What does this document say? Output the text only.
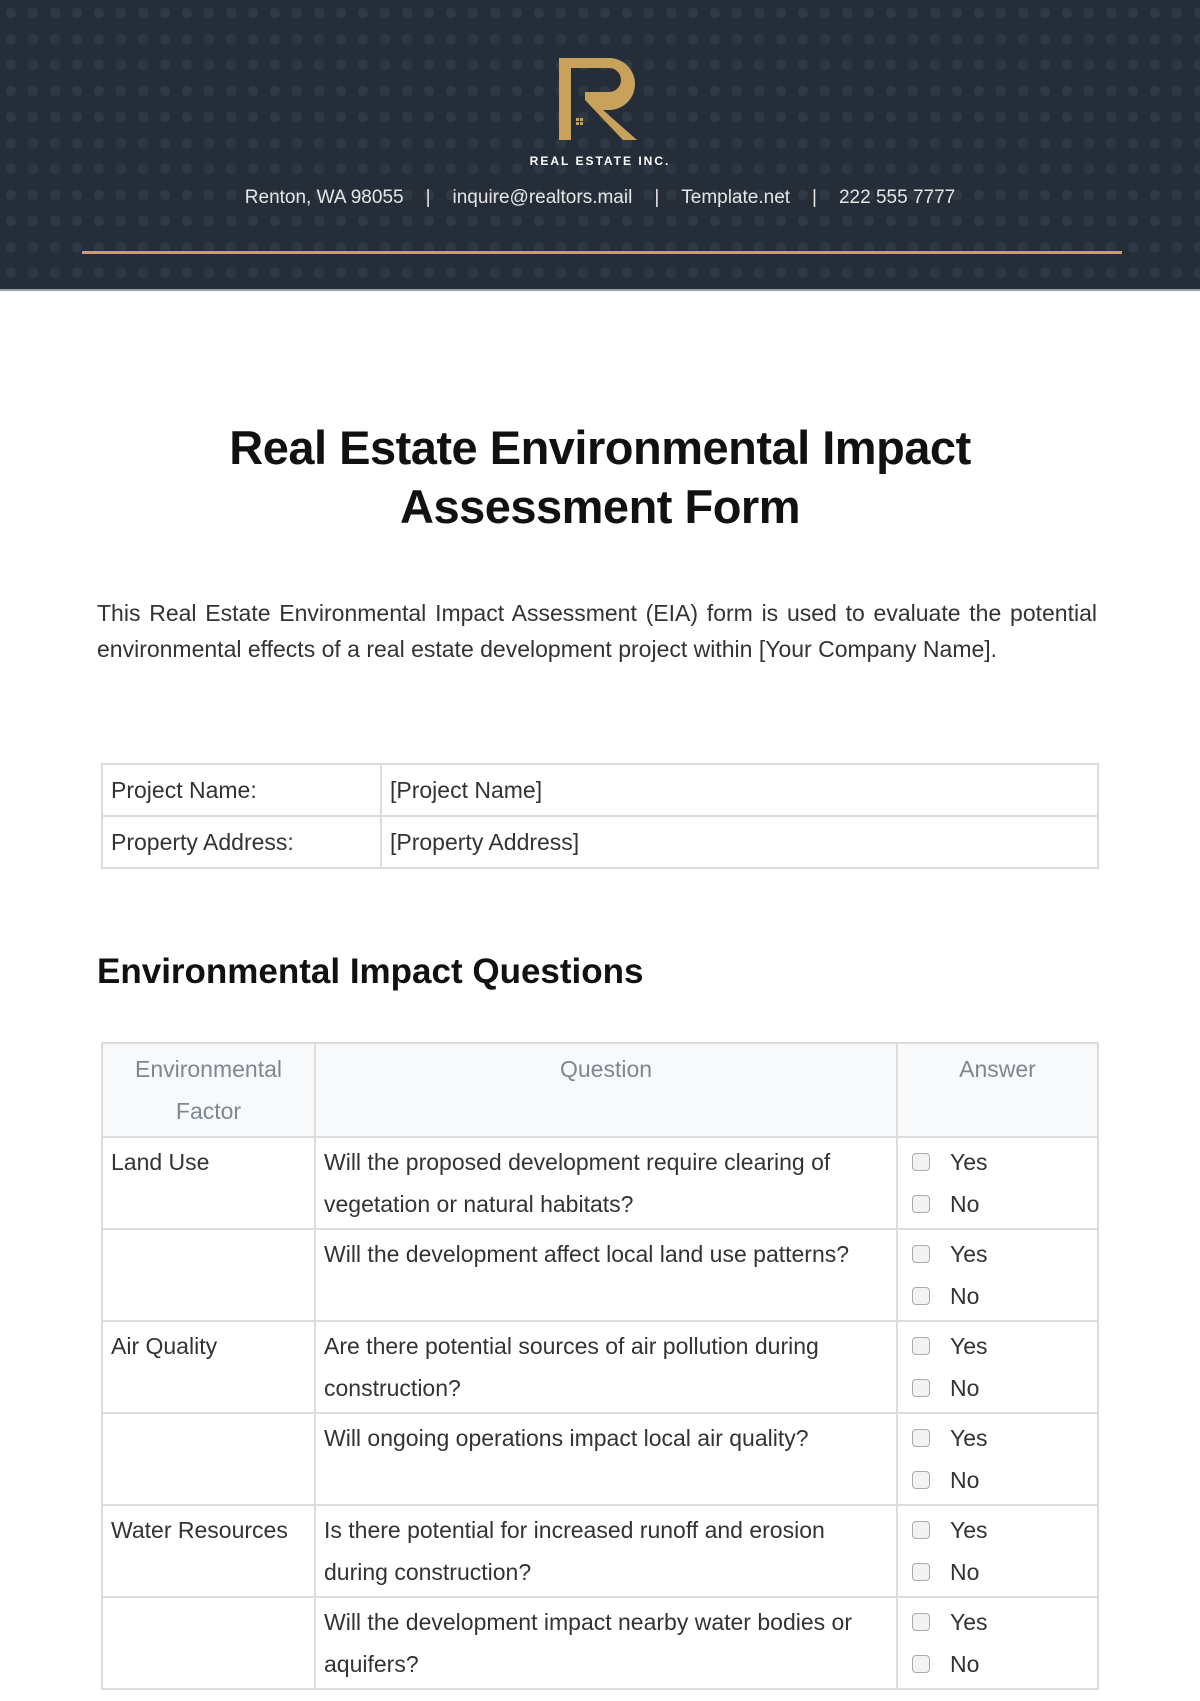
REAL ESTATE INC.
Renton, WA 98055 | inquire@realtors.mail | Template.net | 222 555 7777
Real Estate Environmental Impact Assessment Form

This Real Estate Environmental Impact Assessment (EIA) form is used to evaluate the potential environmental effects of a real estate development project within [Your Company Name].

Project Name:	[Project Name]
Property Address:	[Property Address]
Environmental Impact Questions
Environmental Factor	Question	Answer
Land Use	Will the proposed development require clearing of vegetation or natural habitats?	Yes
No

	Will the development affect local land use patterns?	Yes
No

Air Quality	Are there potential sources of air pollution during construction?	Yes
No

	Will ongoing operations impact local air quality?	Yes
No

Water Resources	Is there potential for increased runoff and erosion during construction?	Yes
No

	Will the development impact nearby water bodies or aquifers?	Yes
No
